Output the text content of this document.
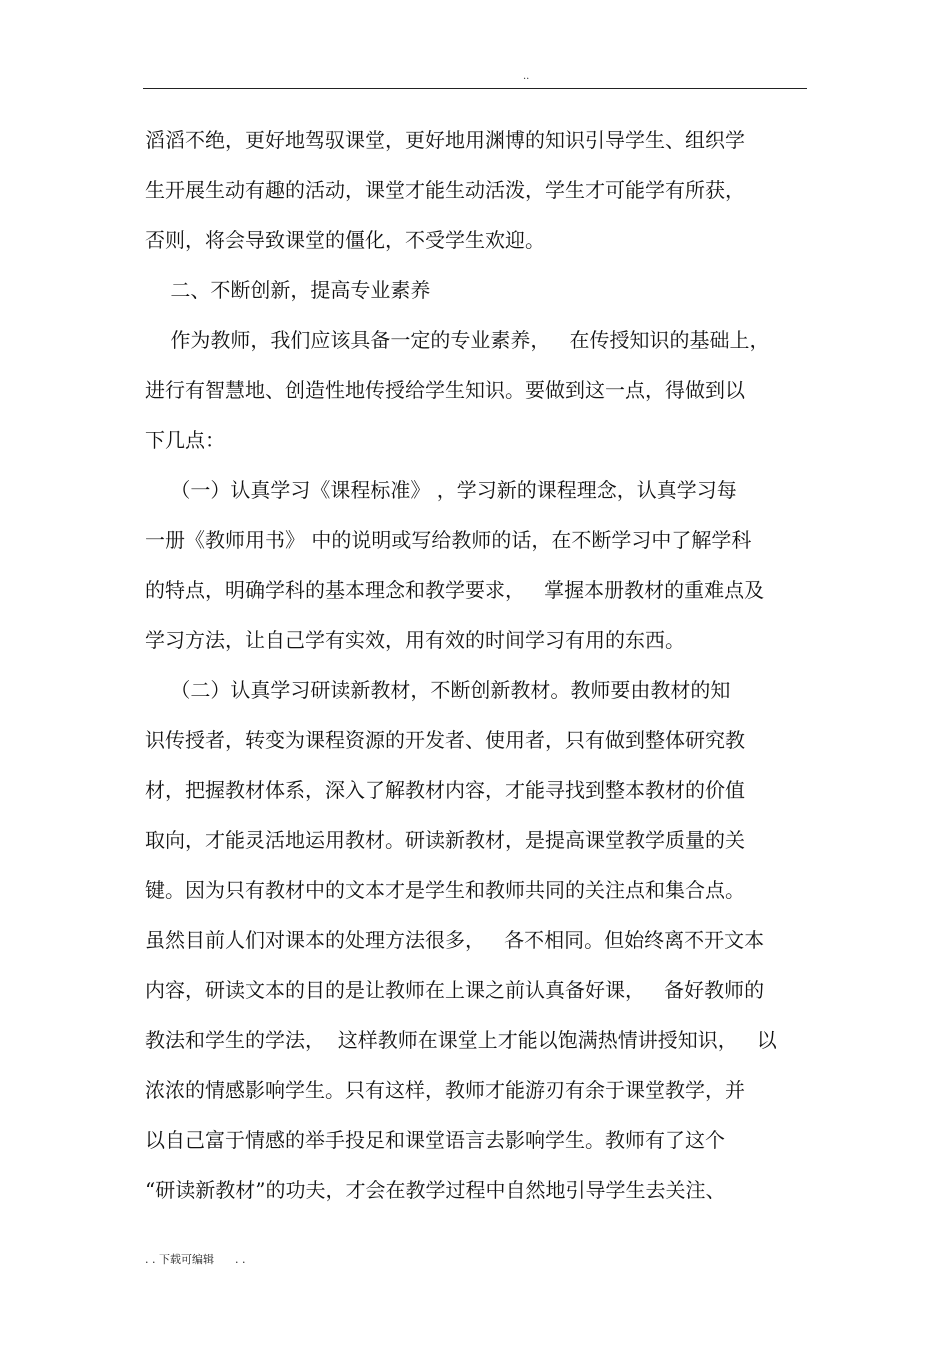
..
滔滔不绝，更好地驾驭课堂，更好地用渊博的知识引导学生、组织学
生开展生动有趣的活动，课堂才能生动活泼，学生才可能学有所获，
否则，将会导致课堂的僵化，不受学生欢迎。
二、不断创新，提高专业素养
作为教师，我们应该具备一定的专业素养，   在传授知识的基础上，
进行有智慧地、创造性地传授给学生知识。要做到这一点，得做到以
下几点：
（一）认真学习《课程标准》 ，学习新的课程理念，认真学习每
一册《教师用书》 中的说明或写给教师的话，在不断学习中了解学科
的特点，明确学科的基本理念和教学要求，   掌握本册教材的重难点及
学习方法，让自己学有实效，用有效的时间学习有用的东西。
（二）认真学习研读新教材，不断创新教材。教师要由教材的知
识传授者，转变为课程资源的开发者、使用者，只有做到整体研究教
材，把握教材体系，深入了解教材内容，才能寻找到整本教材的价值
取向，才能灵活地运用教材。研读新教材，是提高课堂教学质量的关
键。因为只有教材中的文本才是学生和教师共同的关注点和集合点。
虽然目前人们对课本的处理方法很多，   各不相同。但始终离不开文本
内容，研读文本的目的是让教师在上课之前认真备好课，   备好教师的
教法和学生的学法，  这样教师在课堂上才能以饱满热情讲授知识，   以
浓浓的情感影响学生。只有这样，教师才能游刃有余于课堂教学，并
以自己富于情感的举手投足和课堂语言去影响学生。教师有了这个
“研读新教材”的功夫，才会在教学过程中自然地引导学生去关注、
. . 下载可编辑      . .
